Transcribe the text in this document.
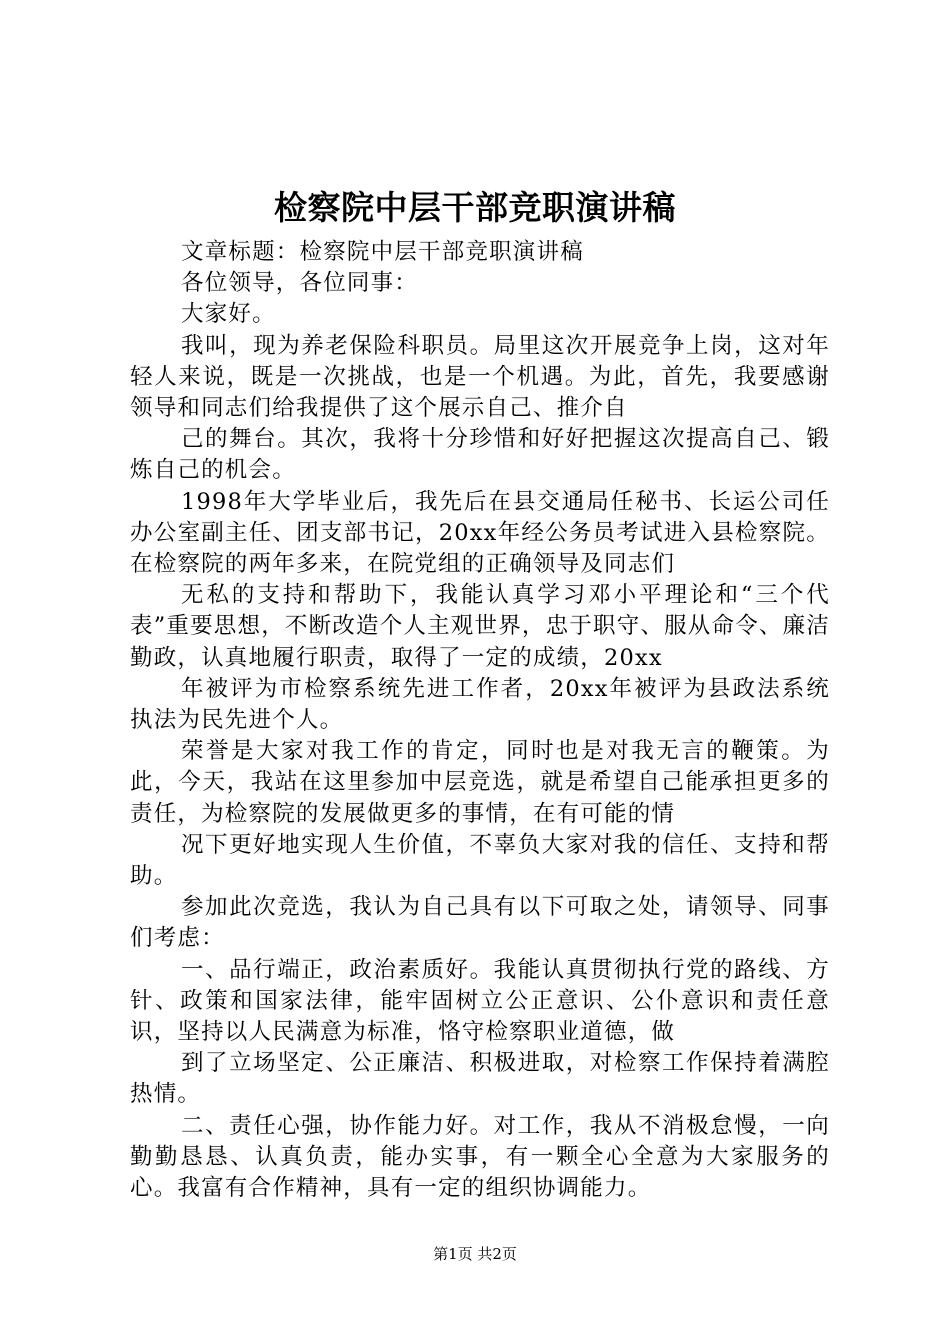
检察院中层干部竞职演讲稿

文章标题：检察院中层干部竞职演讲稿

各位领导，各位同事：

大家好。

我叫，现为养老保险科职员。局里这次开展竞争上岗，这对年轻人来说，既是一次挑战，也是一个机遇。为此，首先，我要感谢领导和同志们给我提供了这个展示自己、推介自

己的舞台。其次，我将十分珍惜和好好把握这次提高自己、锻炼自己的机会。

1998年大学毕业后，我先后在县交通局任秘书、长运公司任办公室副主任、团支部书记，20xx年经公务员考试进入县检察院。在检察院的两年多来，在院党组的正确领导及同志们

无私的支持和帮助下，我能认真学习邓小平理论和“三个代表”重要思想，不断改造个人主观世界，忠于职守、服从命令、廉洁勤政，认真地履行职责，取得了一定的成绩，20xx

年被评为市检察系统先进工作者，20xx年被评为县政法系统执法为民先进个人。

荣誉是大家对我工作的肯定，同时也是对我无言的鞭策。为此，今天，我站在这里参加中层竞选，就是希望自己能承担更多的责任，为检察院的发展做更多的事情，在有可能的情

况下更好地实现人生价值，不辜负大家对我的信任、支持和帮助。

参加此次竞选，我认为自己具有以下可取之处，请领导、同事们考虑：

一、品行端正，政治素质好。我能认真贯彻执行党的路线、方针、政策和国家法律，能牢固树立公正意识、公仆意识和责任意识，坚持以人民满意为标准，恪守检察职业道德，做

到了立场坚定、公正廉洁、积极进取，对检察工作保持着满腔热情。

二、责任心强，协作能力好。对工作，我从不消极怠慢，一向勤勤恳恳、认真负责，能办实事，有一颗全心全意为大家服务的心。我富有合作精神，具有一定的组织协调能力。

第1页 共2页
